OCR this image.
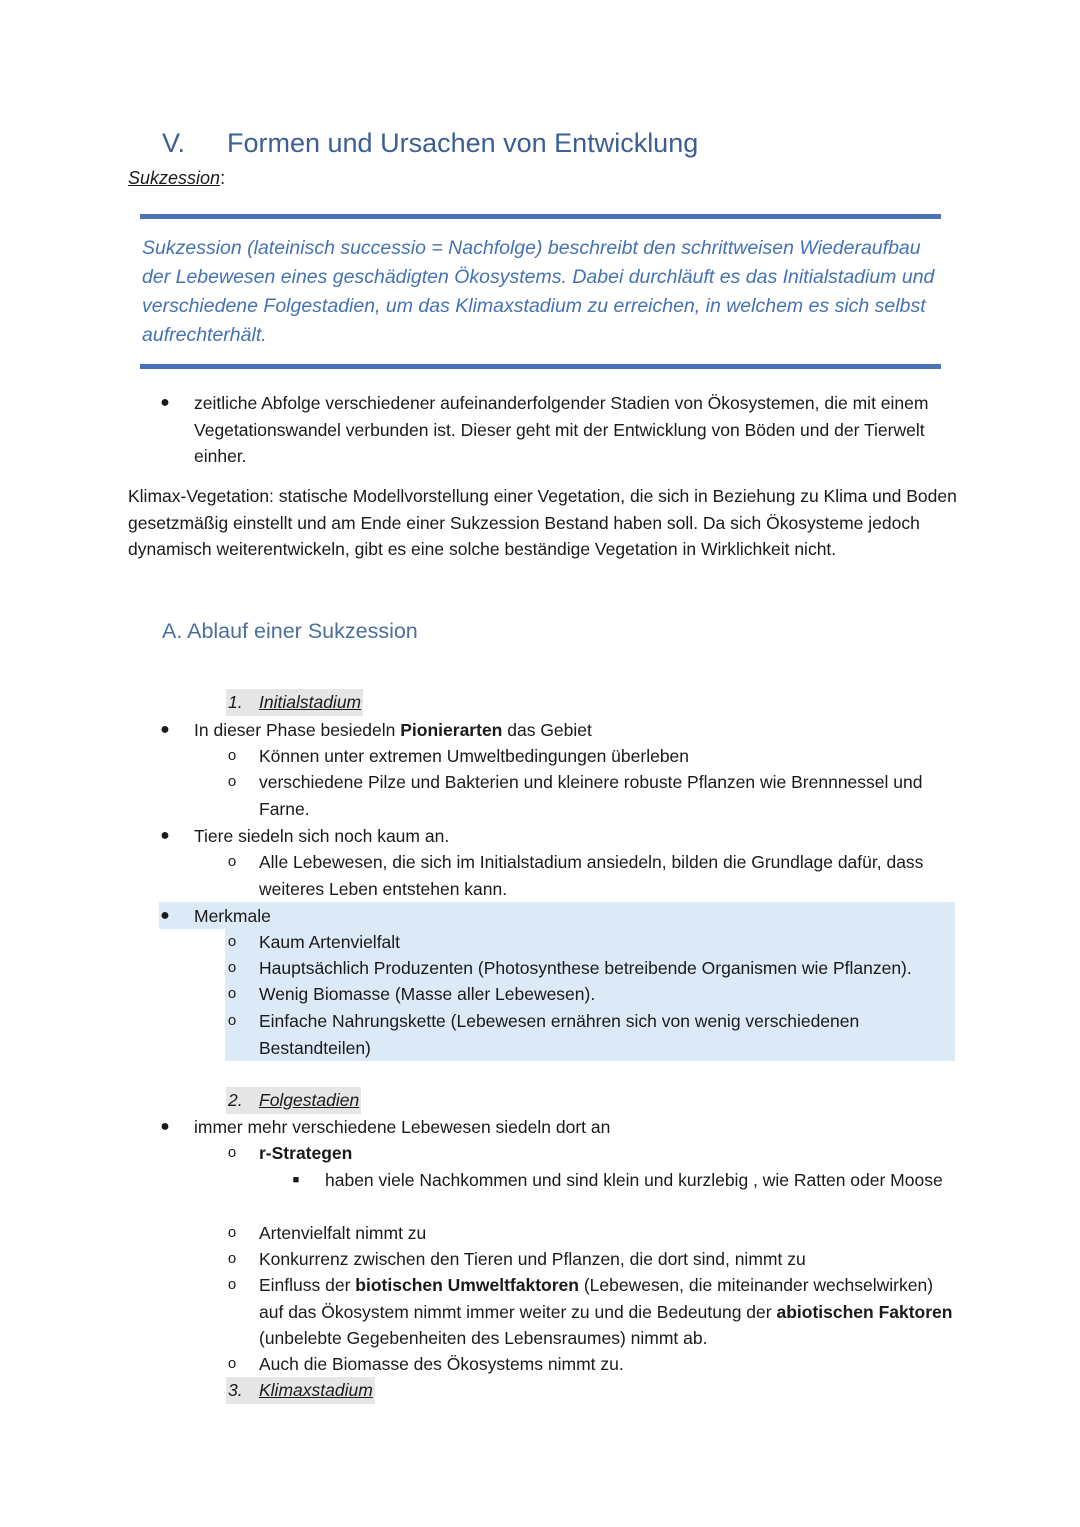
V. Formen und Ursachen von Entwicklung
Sukzession:
Sukzession (lateinisch successio = Nachfolge) beschreibt den schrittweisen Wiederaufbau der Lebewesen eines geschädigten Ökosystems. Dabei durchläuft es das Initialstadium und verschiedene Folgestadien, um das Klimaxstadium zu erreichen, in welchem es sich selbst aufrechterhält.
● zeitliche Abfolge verschiedener aufeinanderfolgender Stadien von Ökosystemen, die mit einem Vegetationswandel verbunden ist. Dieser geht mit der Entwicklung von Böden und der Tierwelt einher.
Klimax-Vegetation: statische Modellvorstellung einer Vegetation, die sich in Beziehung zu Klima und Boden gesetzmäßig einstellt und am Ende einer Sukzession Bestand haben soll. Da sich Ökosysteme jedoch dynamisch weiterentwickeln, gibt es eine solche beständige Vegetation in Wirklichkeit nicht.
A. Ablauf einer Sukzession
1. Initialstadium
● In dieser Phase besiedeln Pionierarten das Gebiet
o Können unter extremen Umweltbedingungen überleben
o verschiedene Pilze und Bakterien und kleinere robuste Pflanzen wie Brennnessel und Farne.
● Tiere siedeln sich noch kaum an.
o Alle Lebewesen, die sich im Initialstadium ansiedeln, bilden die Grundlage dafür, dass weiteres Leben entstehen kann.
● Merkmale
o Kaum Artenvielfalt
o Hauptsächlich Produzenten (Photosynthese betreibende Organismen wie Pflanzen).
o Wenig Biomasse (Masse aller Lebewesen).
o Einfache Nahrungskette (Lebewesen ernähren sich von wenig verschiedenen Bestandteilen)
2. Folgestadien
● immer mehr verschiedene Lebewesen siedeln dort an
o r-Strategen
■ haben viele Nachkommen und sind klein und kurzlebig , wie Ratten oder Moose
o Artenvielfalt nimmt zu
o Konkurrenz zwischen den Tieren und Pflanzen, die dort sind, nimmt zu
o Einfluss der biotischen Umweltfaktoren (Lebewesen, die miteinander wechselwirken) auf das Ökosystem nimmt immer weiter zu und die Bedeutung der abiotischen Faktoren (unbelebte Gegebenheiten des Lebensraumes) nimmt ab.
o Auch die Biomasse des Ökosystems nimmt zu.
3. Klimaxstadium
